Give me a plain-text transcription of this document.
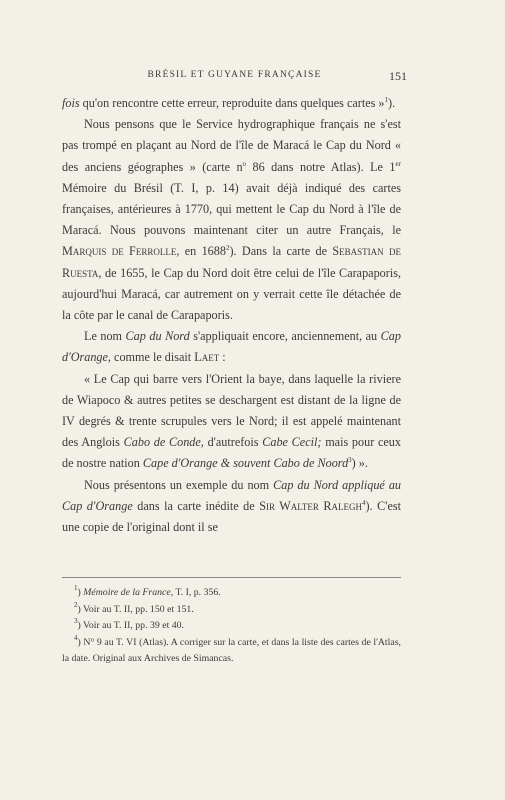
BRÉSIL ET GUYANE FRANÇAISE	151

fois qu'on rencontre cette erreur, reproduite dans quelques cartes »$^1$).

Nous pensons que le Service hydrographique français ne s'est pas trompé en plaçant au Nord de l'île de Maracá le Cap du Nord « des anciens géographes » (carte $n^o$ 86 dans notre Atlas). Le 1er Mémoire du Brésil (T. I, p. 14) avait déjà indiqué des cartes françaises, antérieures à 1770, qui mettent le Cap du Nord à l'île de Maracá. Nous pouvons maintenant citer un autre Français, le Marquis de Ferrolle, en 1688$^2$). Dans la carte de Sebastian de Ruesta, de 1655, le Cap du Nord doit être celui de l'île Carapaporis, aujourd'hui Maracá, car autrement on y verrait cette île détachée de la côte par le canal de Carapaporis.

Le nom Cap du Nord s'appliquait encore, anciennement, au Cap d'Orange, comme le disait Laet :

« Le Cap qui barre vers l'Orient la baye, dans laquelle la riviere de Wiapoco & autres petites se deschargent est distant de la ligne de IV degrés & trente scrupules vers le Nord; il est appelé maintenant des Anglois Cabo de Conde, d'autrefois Cabe Cecil; mais pour ceux de nostre nation Cape d'Orange & souvent Cabo de Noord$^3$) ».

Nous présentons un exemple du nom Cap du Nord appliqué au Cap d'Orange dans la carte inédite de Sir Walter Ralegh$^4$). C'est une copie de l'original dont il se

$^1$) Mémoire de la France, T. I, p. 356.

$^2$) Voir au T. II, pp. 150 et 151.

$^3$) Voir au T. II, pp. 39 et 40.

$^4$) N° 9 au T. VI (Atlas). A corriger sur la carte, et dans la liste des cartes de l'Atlas, la date. Original aux Archives de Simancas.
